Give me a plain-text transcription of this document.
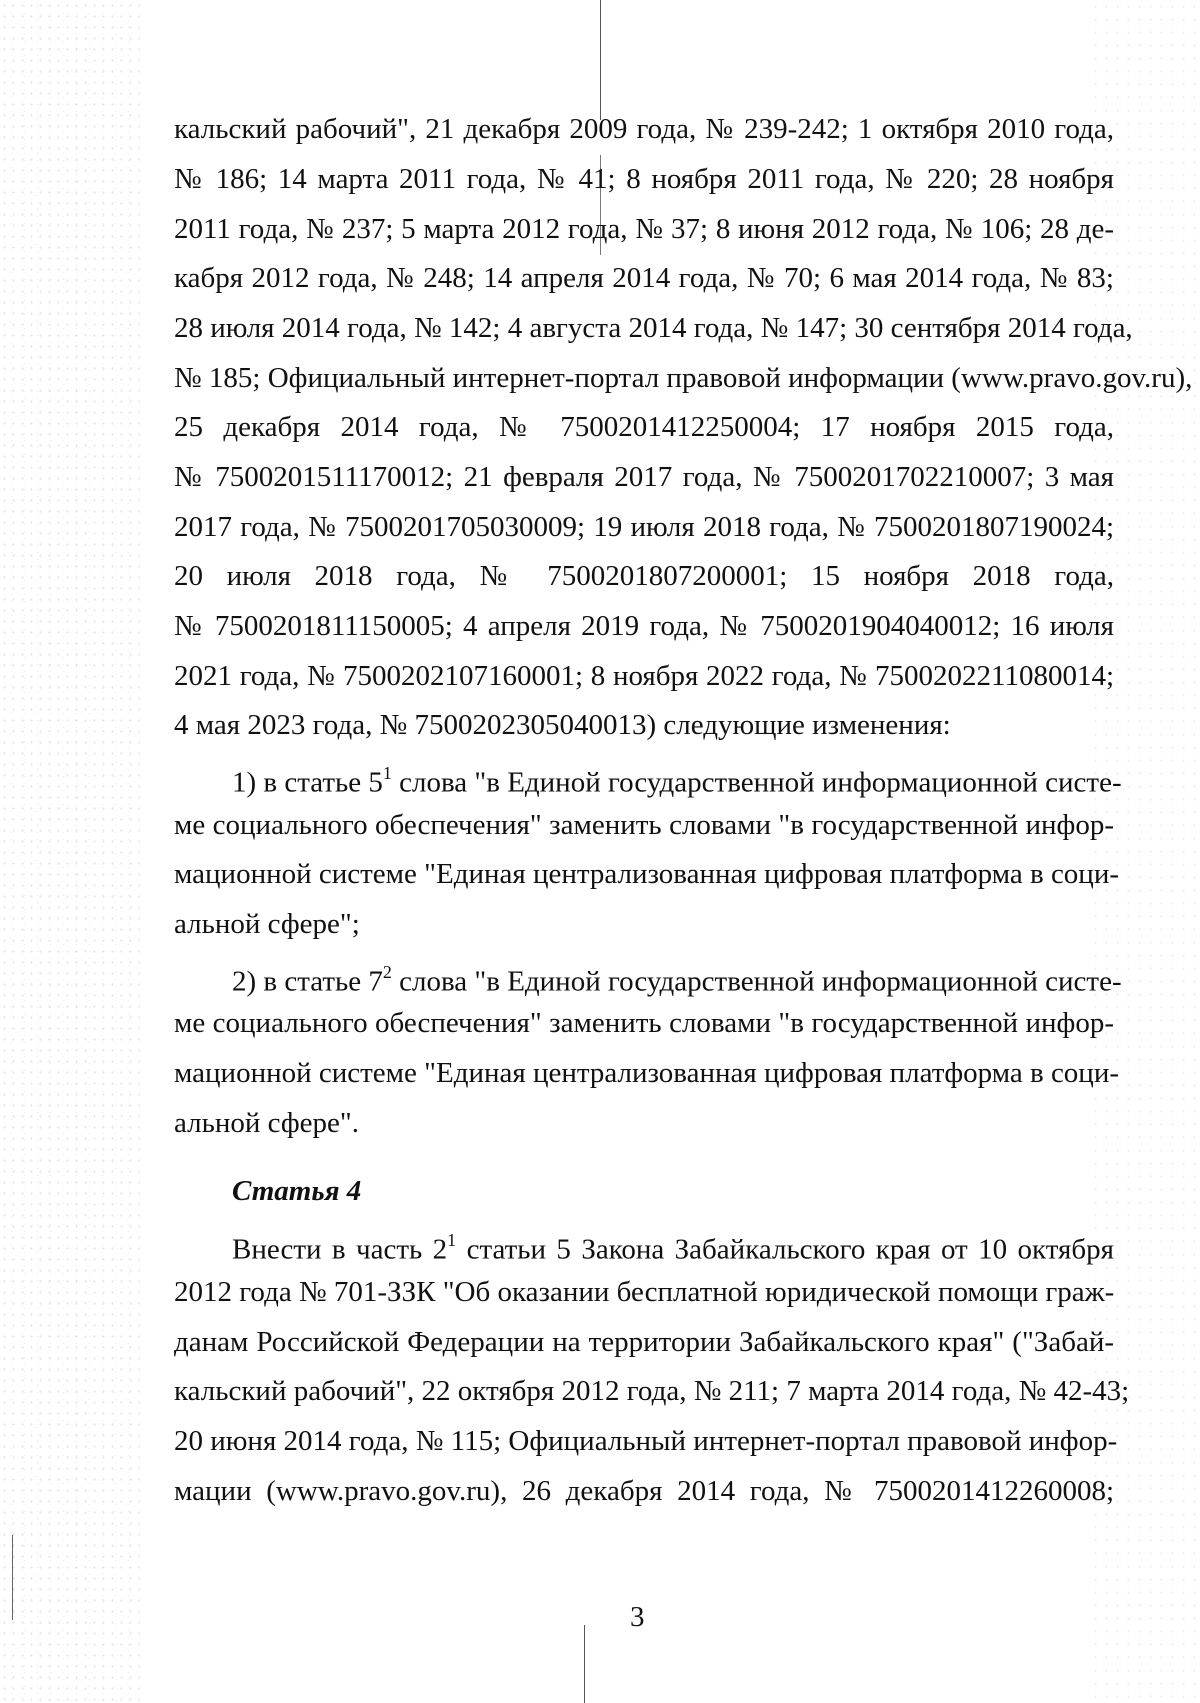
кальский рабочий", 21 декабря 2009 года, № 239-242; 1 октября 2010 года,
№ 186; 14 марта 2011 года, № 41; 8 ноября 2011 года, № 220; 28 ноября
2011 года, № 237; 5 марта 2012 года, № 37; 8 июня 2012 года, № 106; 28 де-
кабря 2012 года, № 248; 14 апреля 2014 года, № 70; 6 мая 2014 года, № 83;
28 июля 2014 года, № 142; 4 августа 2014 года, № 147; 30 сентября 2014 года,
№ 185; Официальный интернет-портал правовой информации (www.pravo.gov.ru),
25 декабря 2014 года, № 7500201412250004; 17 ноября 2015 года,
№ 7500201511170012; 21 февраля 2017 года, № 7500201702210007; 3 мая
2017 года, № 7500201705030009; 19 июля 2018 года, № 7500201807190024;
20 июля 2018 года, № 7500201807200001; 15 ноября 2018 года,
№ 7500201811150005; 4 апреля 2019 года, № 7500201904040012; 16 июля
2021 года, № 7500202107160001; 8 ноября 2022 года, № 7500202211080014;
4 мая 2023 года, № 7500202305040013) следующие изменения:
1) в статье $5^1$ слова "в Единой государственной информационной систе-
ме социального обеспечения" заменить словами "в государственной инфор-
мационной системе "Единая централизованная цифровая платформа в соци-
альной сфере";
2) в статье $7^2$ слова "в Единой государственной информационной систе-
ме социального обеспечения" заменить словами "в государственной инфор-
мационной системе "Единая централизованная цифровая платформа в соци-
альной сфере".
Статья 4
Внести в часть $2^1$ статьи 5 Закона Забайкальского края от 10 октября
2012 года № 701-ЗЗК "Об оказании бесплатной юридической помощи граж-
данам Российской Федерации на территории Забайкальского края" ("Забай-
кальский рабочий", 22 октября 2012 года, № 211; 7 марта 2014 года, № 42-43;
20 июня 2014 года, № 115; Официальный интернет-портал правовой инфор-
мации (www.pravo.gov.ru), 26 декабря 2014 года, № 7500201412260008;
3
